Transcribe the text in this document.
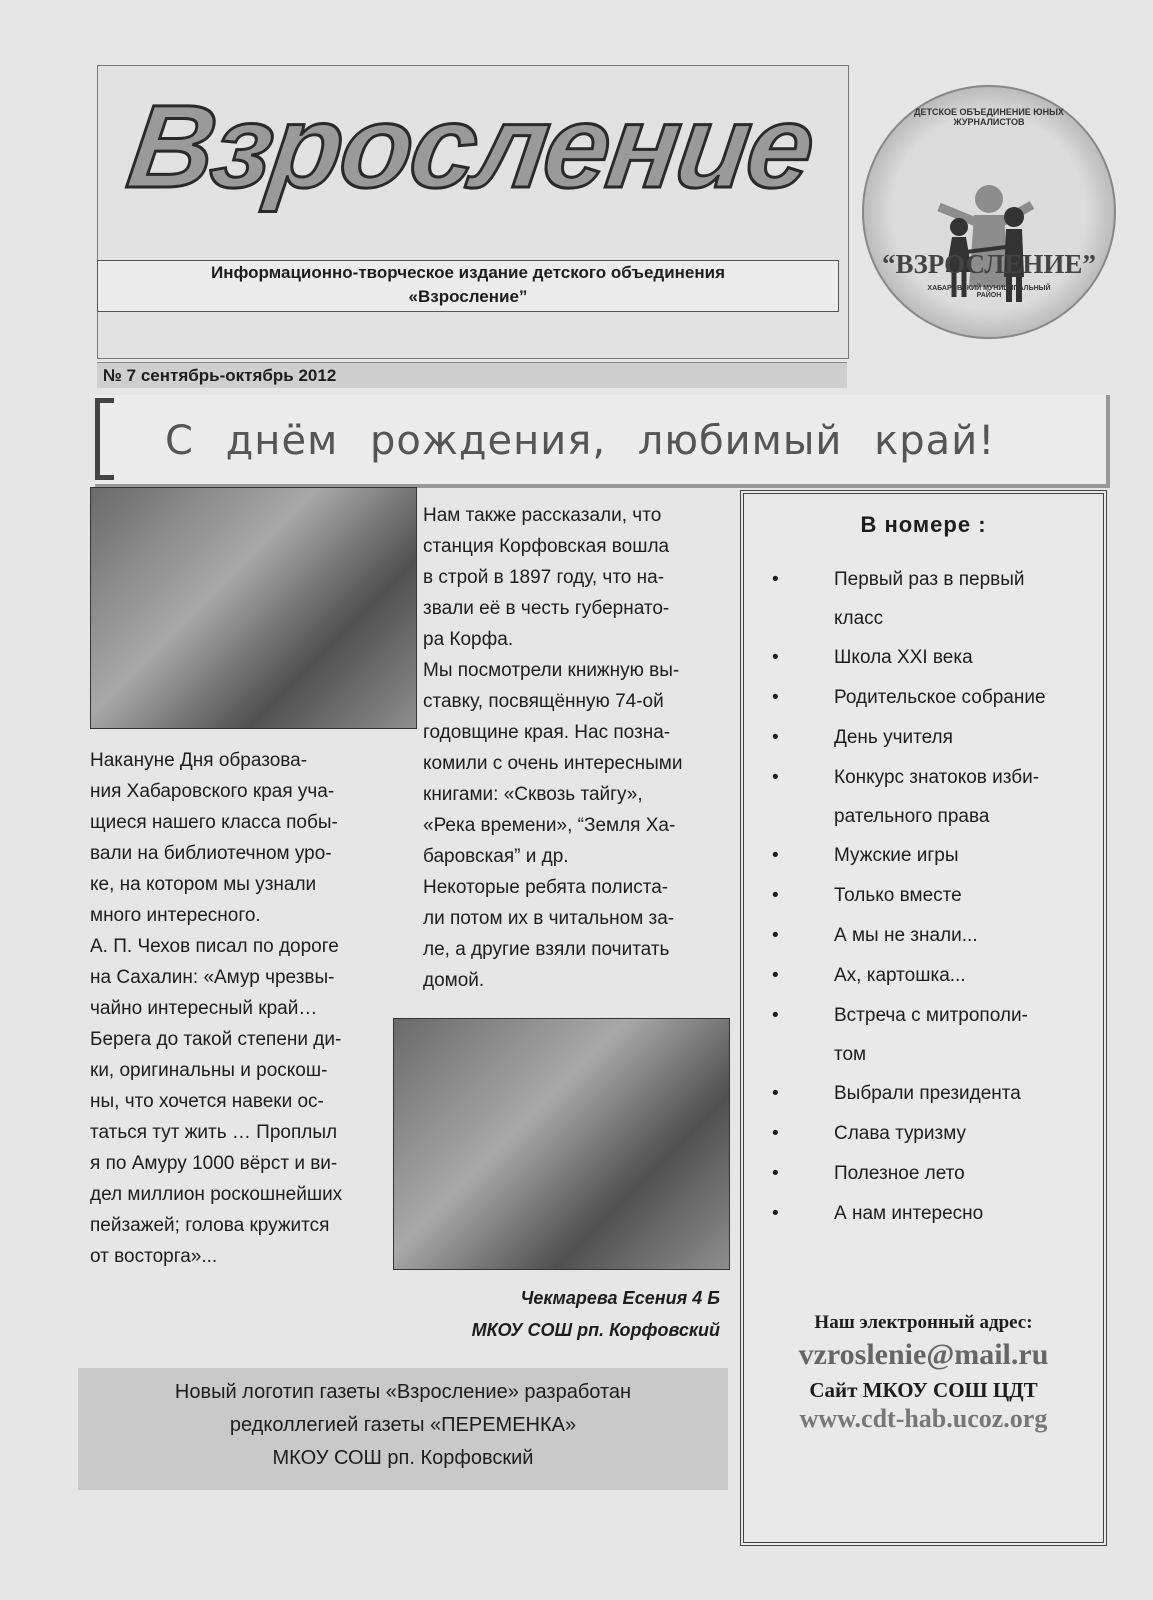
Взросление
Информационно-творческое издание детского объединения
«Взросление”
“ВЗРОСЛЕНИЕ”
ДЕТСКОЕ ОБЪЕДИНЕНИЕ ЮНЫХ ЖУРНАЛИСТОВ
ХАБАРОВСКИЙ МУНИЦИПАЛЬНЫЙ РАЙОН
№ 7 сентябрь-октябрь 2012
С днём рождения, любимый край!
Нам также рассказали, что
станция Корфовская вошла
в строй в 1897 году, что на-
звали её в честь губернато-
ра Корфа.
Мы посмотрели книжную вы-
ставку, посвящённую 74-ой
годовщине края. Нас позна-
комили с очень интересными
книгами: «Сквозь тайгу»,
«Река времени», “Земля Ха-
баровская” и др.
Некоторые ребята полиста-
ли потом их в читальном за-
ле, а другие взяли почитать
домой.
Накануне Дня образова-
ния Хабаровского края уча-
щиеся нашего класса побы-
вали на библиотечном уро-
ке, на котором мы узнали
много интересного.
А. П. Чехов писал по дороге
на Сахалин: «Амур чрезвы-
чайно интересный край…
Берега до такой степени ди-
ки, оригинальны и роскош-
ны, что хочется навеки ос-
таться тут жить … Проплыл
я по Амуру 1000 вёрст и ви-
дел миллион роскошнейших
пейзажей; голова кружится
от восторга»...
Чекмарева Есения 4 Б
МКОУ СОШ рп. Корфовский
Новый логотип газеты «Взросление» разработан
редколлегией газеты «ПЕРЕМЕНКА»
МКОУ СОШ рп. Корфовский
В номере :
•	Первый раз в первый
класс
•	Школа XXI века
•	Родительское собрание
•	День учителя
•	Конкурс знатоков изби-
рательного права
•	Мужские игры
•	Только вместе
•	А мы не знали...
•	Ах, картошка...
•	Встреча с митрополи-
том
•	Выбрали президента
•	Слава туризму
•	Полезное лето
•	А нам интересно
Наш электронный адрес:
vzroslenie@mail.ru
Сайт МКОУ СОШ ЦДТ
www.cdt-hab.ucoz.org
